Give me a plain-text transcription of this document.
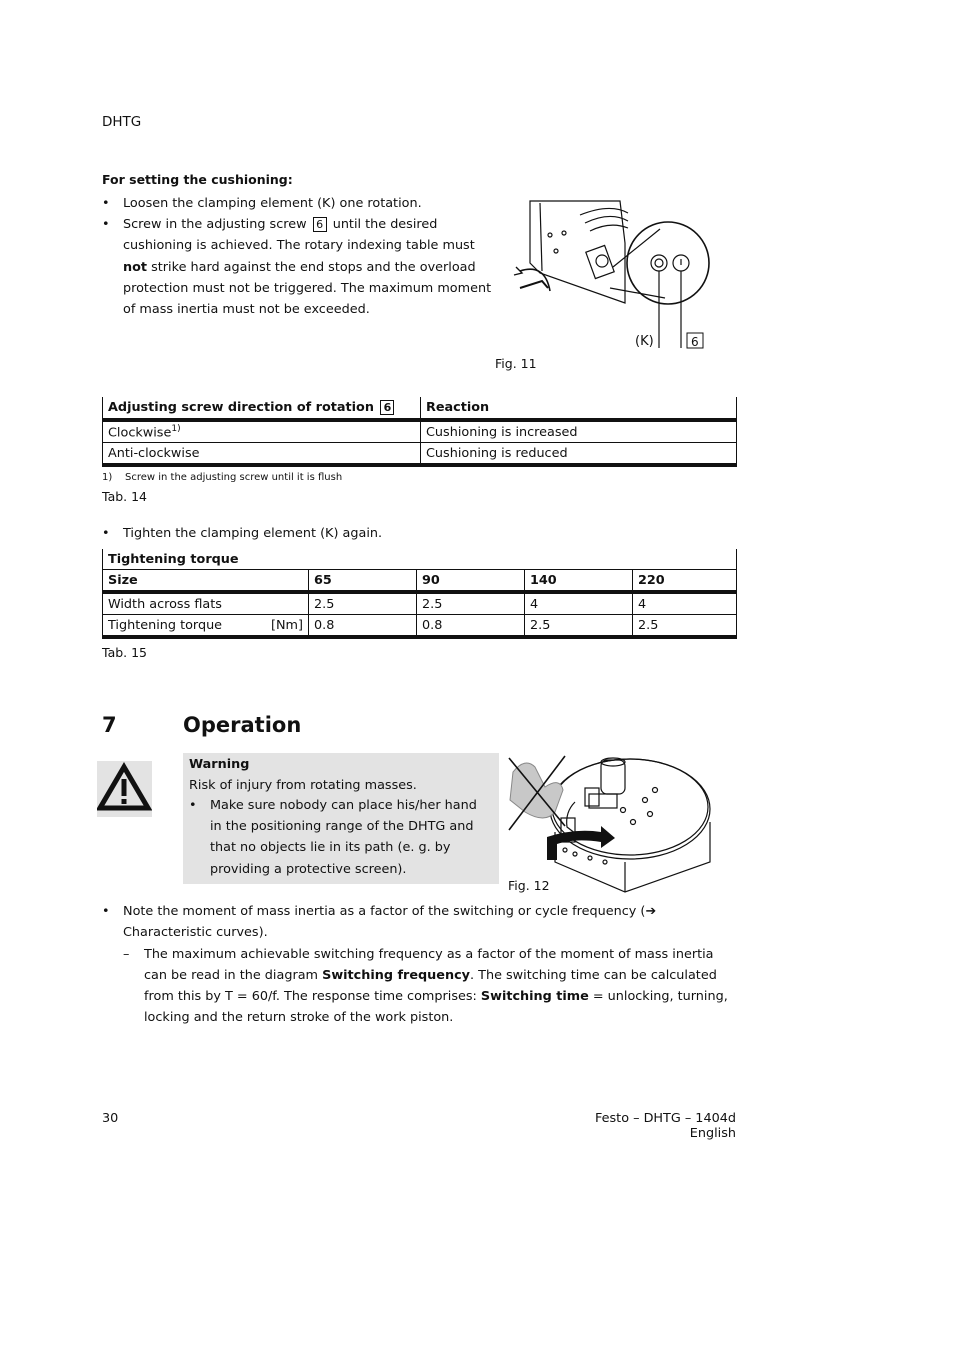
DHTG
For setting the cushioning:
• Loosen the clamping element (K) one rotation.
• Screw in the adjusting screw 6 until the desired cushioning is achieved. The rotary indexing table must not strike hard against the end stops and the overload protection must not be triggered. The maximum moment of mass inertia must not be exceeded.
(K)	6
Fig. 11
Adjusting screw direction of rotation 6	Reaction
Clockwise$^{1)}$	Cushioning is increased
Anti-clockwise	Cushioning is reduced
1) Screw in the adjusting screw until it is flush
Tab. 14
• Tighten the clamping element (K) again.
Tightening torque				
Size	65	90	140	220
Width across flats	2.5	2.5	4	4
Tightening torque [Nm]	0.8	0.8	2.5	2.5
Tab. 15
7	Operation
Warning
Risk of injury from rotating masses.
• Make sure nobody can place his/her hand in the positioning range of the DHTG and that no objects lie in its path (e. g. by providing a protective screen).
Fig. 12
• Note the moment of mass inertia as a factor of the switching or cycle frequency (➔ Characteristic curves).
–	The maximum achievable switching frequency as a factor of the moment of mass inertia can be read in the diagram Switching frequency. The switching time can be calculated from this by T = 60/f. The response time comprises: Switching time = unlocking, turning, locking and the return stroke of the work piston.
30	Festo – DHTG – 1404d English
